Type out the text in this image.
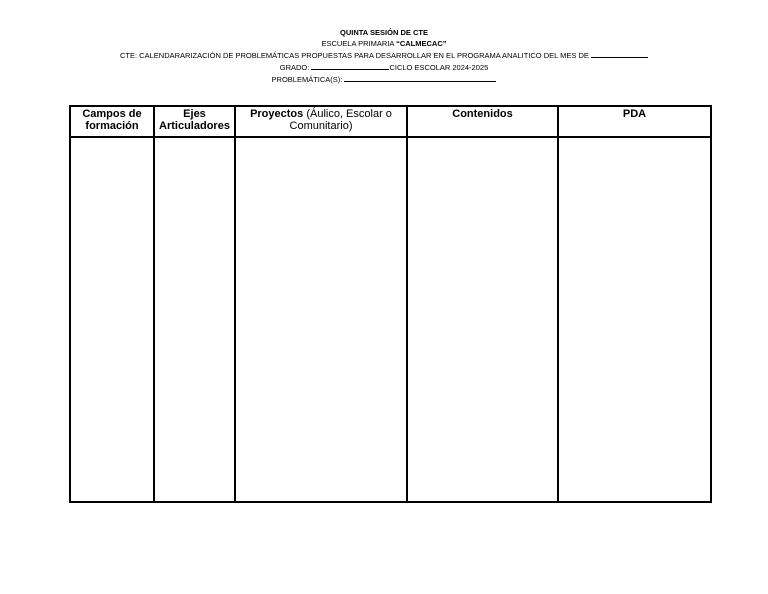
QUINTA SESIÓN DE CTE
ESCUELA PRIMARIA “CALMECAC”
CTE: CALENDARARIZACIÓN DE PROBLEMÁTICAS PROPUESTAS PARA DESARROLLAR EN EL PROGRAMA ANALITICO DEL MES DE
GRADO:	CICLO ESCOLAR 2024-2025
PROBLEMÁTICA(S):
Campos de formación	Ejes Articuladores	Proyectos (Áulico, Escolar o Comunitario)	Contenidos	PDA
